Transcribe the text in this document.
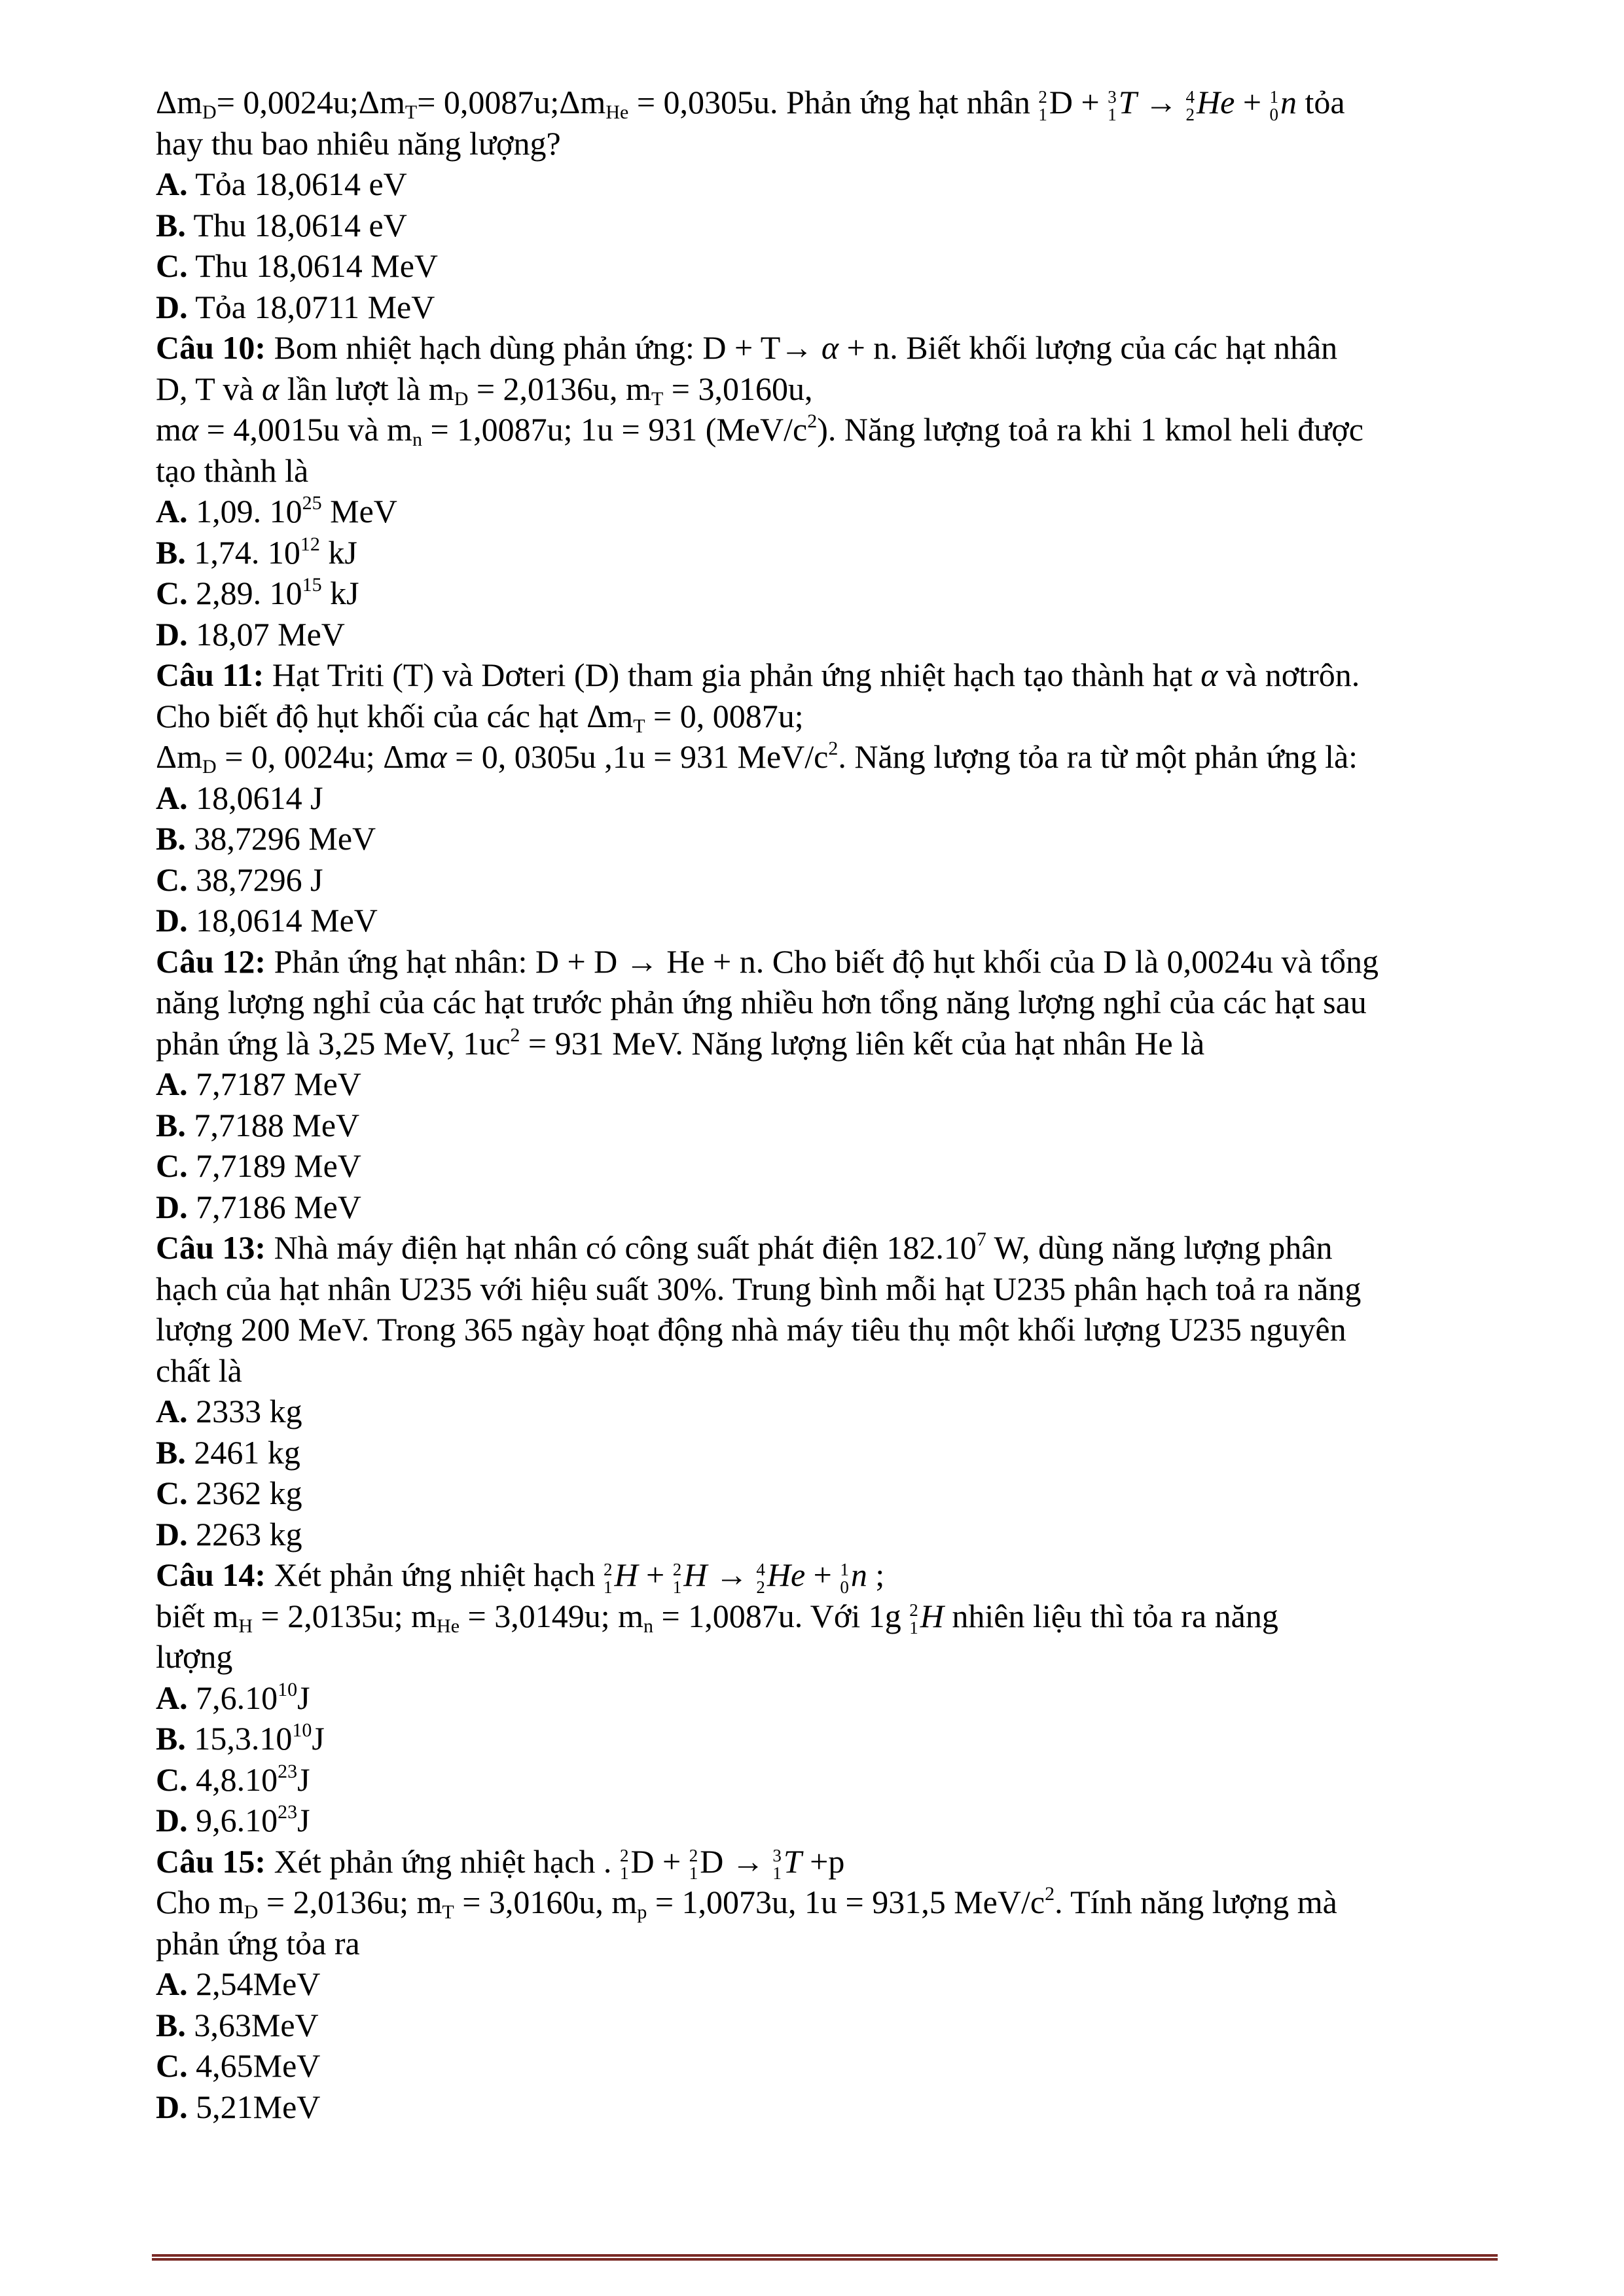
$\Delta m_D=$ $0,0024u;\Delta m_T=$ $0,0087u;\Delta m_{He} = 0,0305u$. Phản ứng hạt nhân 2
1 D + 3
1 T → 4
2 He + 1
0 n tỏa
hay thu bao nhiêu năng lượng?
A. Tỏa 18,0614 eV
B. Thu 18,0614 eV
C. Thu 18,0614 MeV
D. Tỏa 18,0711 MeV
Câu 10: Bom nhiệt hạch dùng phản ứng: D + T→ α + n. Biết khối lượng của các hạt nhân
D, T và α lần lượt là $m_D = 2,0136u$, $m_T = 3,0160u$,
mα = 4,0015u và $m_n = 1,0087u$; 1u = 931 $(MeV/c^2)$. Năng lượng toả ra khi 1 kmol heli được
tạo thành là
A. 1,09. $10^{25}$ MeV
B. 1,74. $10^{12}$ kJ
C. 2,89. $10^{15}$ kJ
D. 18,07 MeV
Câu 11: Hạt Triti (T) và Dơteri (D) tham gia phản ứng nhiệt hạch tạo thành hạt α và nơtrôn.
Cho biết độ hụt khối của các hạt $\Delta m_T = 0$, 0087u;
$\Delta m_D = 0$, 0024u; Δmα = 0, 0305u ,1u = 931 MeV/$c^2$. Năng lượng tỏa ra từ một phản ứng là:
A. 18,0614 J
B. 38,7296 MeV
C. 38,7296 J
D. 18,0614 MeV
Câu 12: Phản ứng hạt nhân: D + D → He + n. Cho biết độ hụt khối của D là 0,0024u và tổng
năng lượng nghỉ của các hạt trước phản ứng nhiều hơn tổng năng lượng nghỉ của các hạt sau
phản ứng là 3,25 MeV, $1uc^2 = 931$ MeV. Năng lượng liên kết của hạt nhân He là
A. 7,7187 MeV
B. 7,7188 MeV
C. 7,7189 MeV
D. 7,7186 MeV
Câu 13: Nhà máy điện hạt nhân có công suất phát điện 182.10$^7$ W, dùng năng lượng phân
hạch của hạt nhân U235 với hiệu suất 30%. Trung bình mỗi hạt U235 phân hạch toả ra năng
lượng 200 MeV. Trong 365 ngày hoạt động nhà máy tiêu thụ một khối lượng U235 nguyên
chất là
A. 2333 kg
B. 2461 kg
C. 2362 kg
D. 2263 kg
Câu 14: Xét phản ứng nhiệt hạch 2
1 H + 2
1 H → 4
2 He + 1
0 n ;
biết $m_H = 2,0135u$; $m_{He} = 3,0149u$; $m_n = 1,0087u$. Với 1g 2
1 H nhiên liệu thì tỏa ra năng
lượng
A. 7,6.10$^{10}$J
B. 15,3.10$^{10}$J
C. 4,8.10$^{23}$J
D. 9,6.10$^{23}$J
Câu 15: Xét phản ứng nhiệt hạch . 2
1 D + 2
1 D → 3
1 T +p
Cho $m_D = 2,0136u$; $m_T = 3,0160u$, $m_p = 1,0073u$, 1u = 931,5 MeV/$c^2$. Tính năng lượng mà
phản ứng tỏa ra
A. 2,54MeV
B. 3,63MeV
C. 4,65MeV
D. 5,21MeV
